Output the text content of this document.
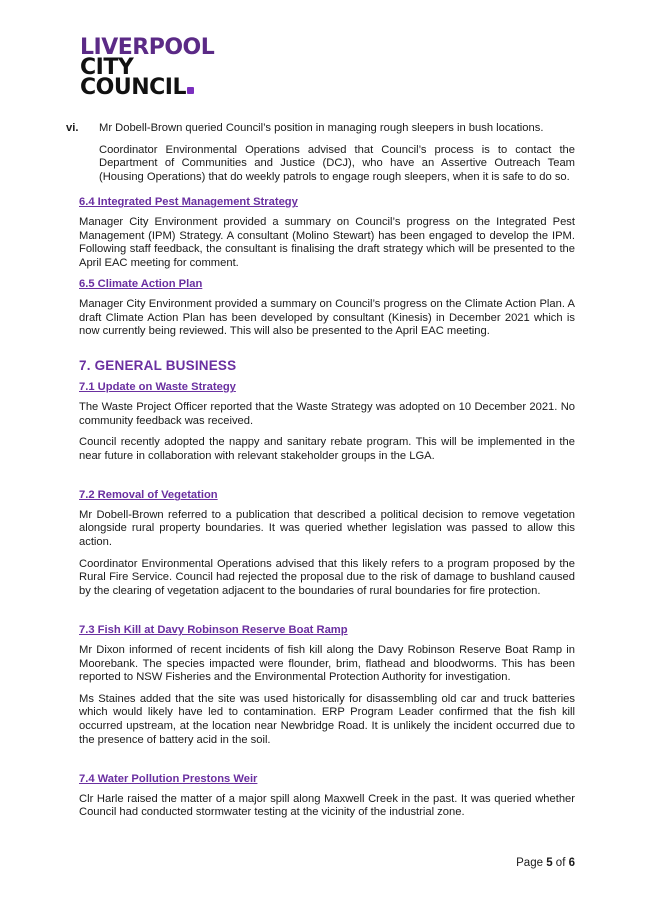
LIVERPOOL
CITY
COUNCIL
vi. Mr Dobell-Brown queried Council’s position in managing rough sleepers in bush locations.

Coordinator Environmental Operations advised that Council’s process is to contact the Department of Communities and Justice (DCJ), who have an Assertive Outreach Team (Housing Operations) that do weekly patrols to engage rough sleepers, when it is safe to do so.

6.4 Integrated Pest Management Strategy

Manager City Environment provided a summary on Council’s progress on the Integrated Pest Management (IPM) Strategy. A consultant (Molino Stewart) has been engaged to develop the IPM. Following staff feedback, the consultant is finalising the draft strategy which will be presented to the April EAC meeting for comment.

6.5 Climate Action Plan

Manager City Environment provided a summary on Council’s progress on the Climate Action Plan. A draft Climate Action Plan has been developed by consultant (Kinesis) in December 2021 which is now currently being reviewed. This will also be presented to the April EAC meeting.

7. GENERAL BUSINESS
7.1 Update on Waste Strategy

The Waste Project Officer reported that the Waste Strategy was adopted on 10 December 2021. No community feedback was received.

Council recently adopted the nappy and sanitary rebate program. This will be implemented in the near future in collaboration with relevant stakeholder groups in the LGA.

7.2 Removal of Vegetation

Mr Dobell-Brown referred to a publication that described a political decision to remove vegetation alongside rural property boundaries. It was queried whether legislation was passed to allow this action.

Coordinator Environmental Operations advised that this likely refers to a program proposed by the Rural Fire Service. Council had rejected the proposal due to the risk of damage to bushland caused by the clearing of vegetation adjacent to the boundaries of rural boundaries for fire protection.

7.3 Fish Kill at Davy Robinson Reserve Boat Ramp

Mr Dixon informed of recent incidents of fish kill along the Davy Robinson Reserve Boat Ramp in Moorebank. The species impacted were flounder, brim, flathead and bloodworms. This has been reported to NSW Fisheries and the Environmental Protection Authority for investigation.

Ms Staines added that the site was used historically for disassembling old car and truck batteries which would likely have led to contamination. ERP Program Leader confirmed that the fish kill occurred upstream, at the location near Newbridge Road. It is unlikely the incident occurred due to the presence of battery acid in the soil.

7.4 Water Pollution Prestons Weir

Clr Harle raised the matter of a major spill along Maxwell Creek in the past. It was queried whether Council had conducted stormwater testing at the vicinity of the industrial zone.

Page 5 of 6
